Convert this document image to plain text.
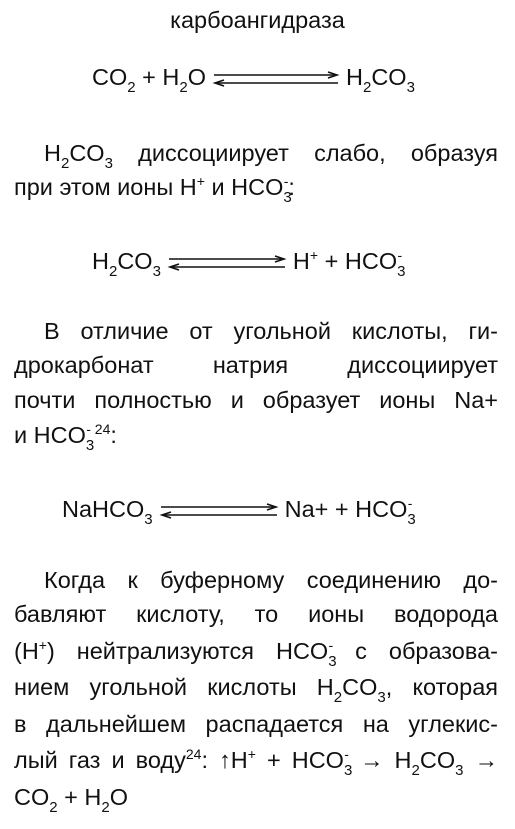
карбоангидраза
$CO_2 + H_2O$	$H_2CO_3$
$H_2CO_3$ диссоциирует слабо, образуя
при этом ионы H+ и $HCO_3^-$:
$H_2CO_3$	$H^+ + HCO_3^-$
В отличие от угольной кислоты, ги-
дрокарбонат натрия диссоциирует
почти полностью и образует ионы Na+
и $HCO_3^{- 24}$:
NaHCO$_3$	$Na+ + HCO_3^-$
Когда к буферному соединению до-
бавляют кислоту, то ионы водорода
(H+) нейтрализуются $HCO_3^-$ с образова-
нием угольной кислоты $H_2CO_3$, которая
в дальнейшем распадается на углекис-
лый газ и воду$^{24}$: ↑H+ + $HCO_3^- \to H_2CO_3$ →
$CO_2 + H_2O$
